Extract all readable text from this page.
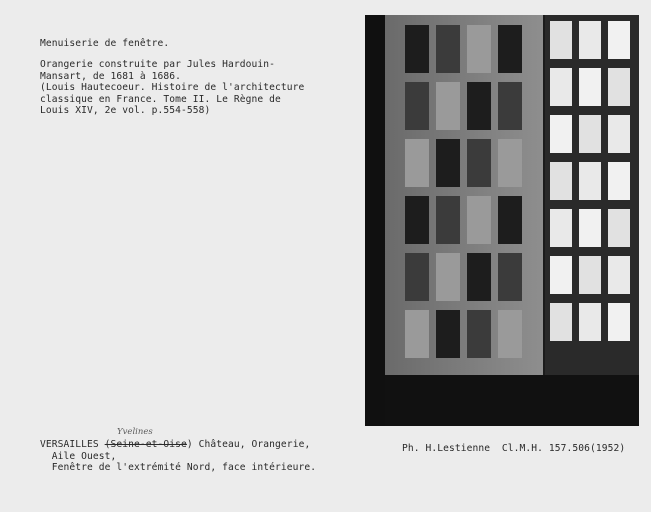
Menuiserie de fenêtre.
Orangerie construite par Jules Hardouin-
Mansart, de 1681 à 1686.
(Louis Hautecoeur. Histoire de l'architecture
classique en France. Tome II. Le Règne de
Louis XIV, 2e vol. p.554-558)
Yvelines
VERSAILLES (Seine-et-Oise) Château, Orangerie,
Aile Ouest,
Fenêtre de l'extrémité Nord, face intérieure.
Ph. H.Lestienne  Cl.M.H. 157.506(1952)
